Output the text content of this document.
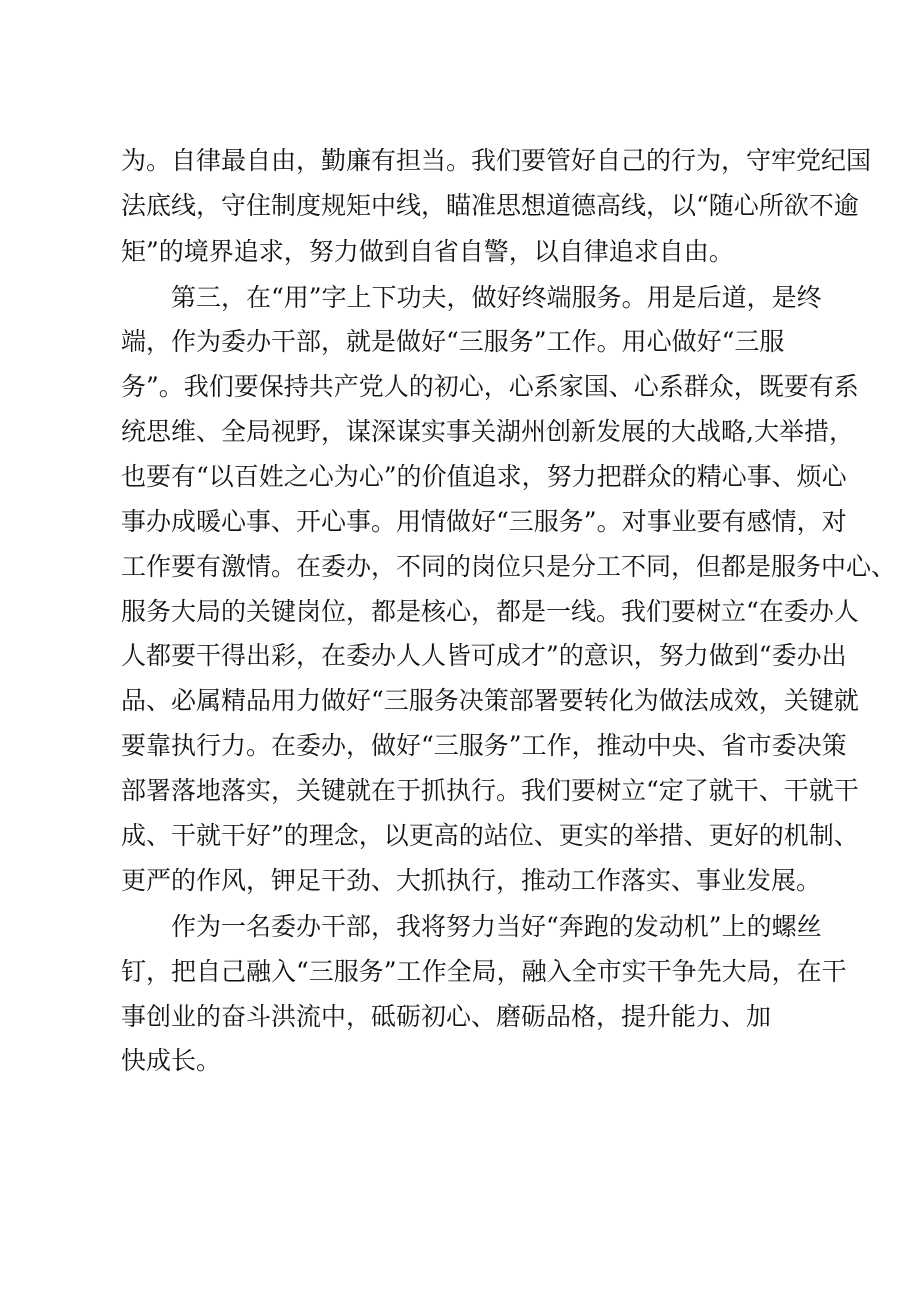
为。自律最自由，勤廉有担当。我们要管好自己的行为，守牢党纪国

法底线，守住制度规矩中线，瞄准思想道德高线，以“随心所欲不逾

矩”的境界追求，努力做到自省自警，以自律追求自由。

第三，在“用”字上下功夫，做好终端服务。用是后道，是终

端，作为委办干部，就是做好“三服务”工作。用心做好“三服

务”。我们要保持共产党人的初心，心系家国、心系群众，既要有系

统思维、全局视野，谋深谋实事关湖州创新发展的大战略,大举措，

也要有“以百姓之心为心”的价值追求，努力把群众的精心事、烦心

事办成暖心事、开心事。用情做好“三服务”。对事业要有感情，对

工作要有激情。在委办，不同的岗位只是分工不同，但都是服务中心、

服务大局的关键岗位，都是核心，都是一线。我们要树立“在委办人

人都要干得出彩，在委办人人皆可成才”的意识，努力做到“委办出

品、必属精品用力做好“三服务决策部署要转化为做法成效，关键就

要靠执行力。在委办，做好“三服务”工作，推动中央、省市委决策

部署落地落实，关键就在于抓执行。我们要树立“定了就干、干就干

成、干就干好”的理念，以更高的站位、更实的举措、更好的机制、

更严的作风，钾足干劲、大抓执行，推动工作落实、事业发展。

作为一名委办干部，我将努力当好“奔跑的发动机”上的螺丝

钉，把自己融入“三服务”工作全局，融入全市实干争先大局，在干

事创业的奋斗洪流中，砥砺初心、磨砺品格，提升能力、加

快成长。
